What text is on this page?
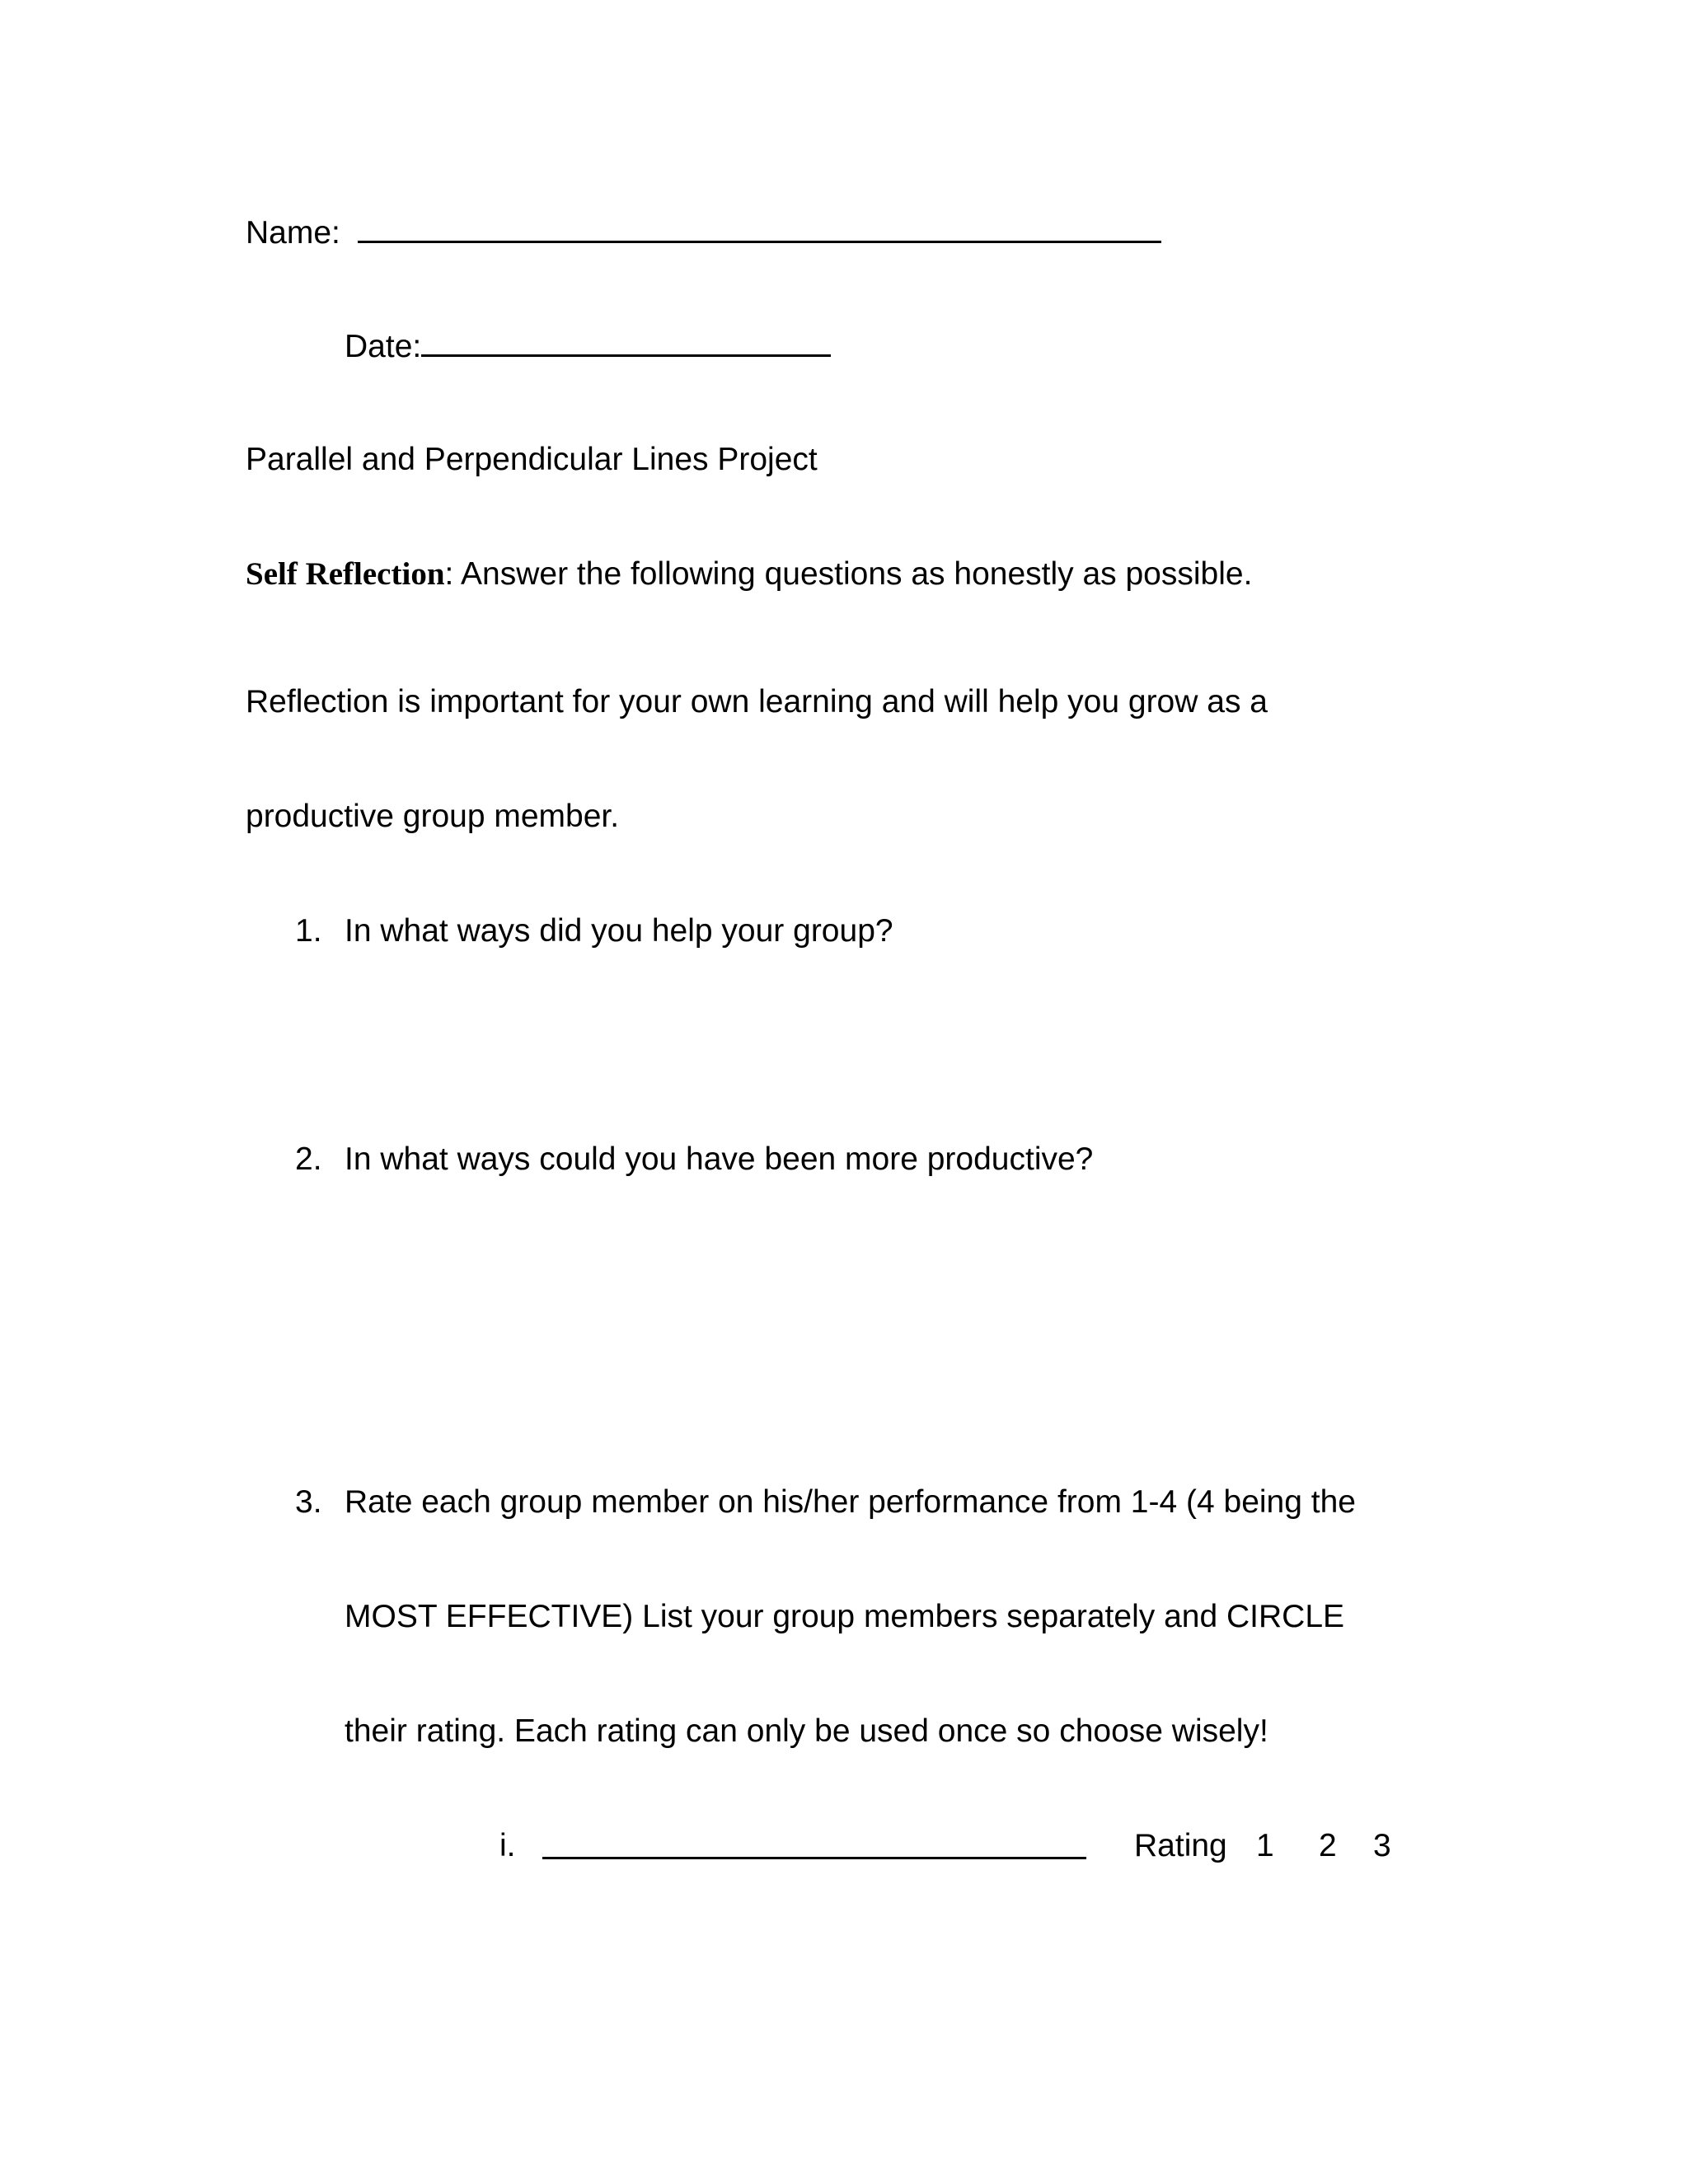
Name:
Date:
Parallel and Perpendicular Lines Project
Self Reflection: Answer the following questions as honestly as possible.
Reflection is important for your own learning and will help you grow as a
productive group member.
1. In what ways did you help your group?
2. In what ways could you have been more productive?
3. Rate each group member on his/her performance from 1-4 (4 being the
MOST EFFECTIVE) List your group members separately and CIRCLE
their rating. Each rating can only be used once so choose wisely!
i.	Rating 1 2 3
